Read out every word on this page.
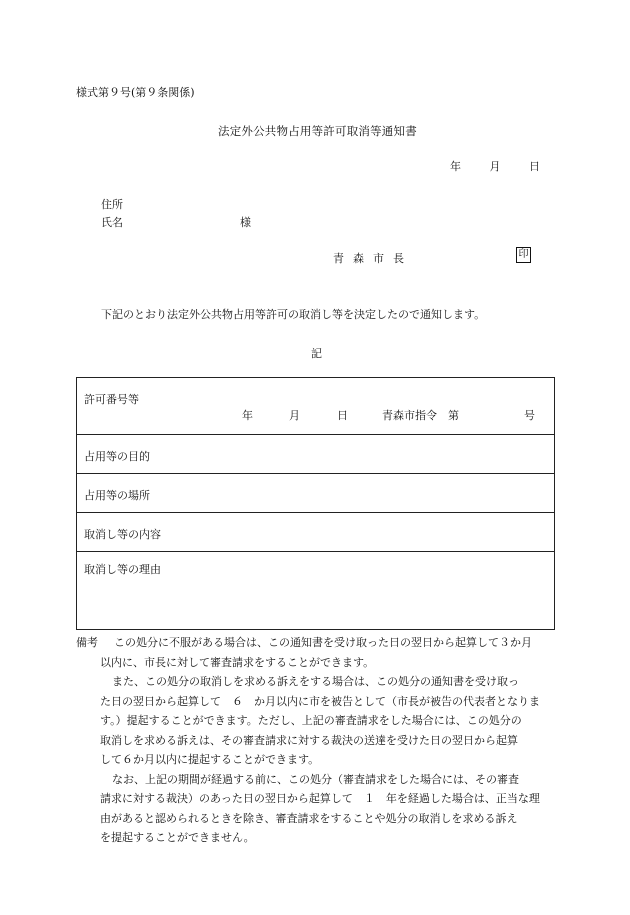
様式第９号(第９条関係)
法定外公共物占用等許可取消等通知書
年	月	日
住所
氏名	様
青森市長	印
下記のとおり法定外公共物占用等許可の取消し等を決定したので通知します。
記
許可番号等
年	月	日	青森市指令　第	号
占用等の目的
占用等の場所
取消し等の内容
取消し等の理由
備考 この処分に不服がある場合は、この通知書を受け取った日の翌日から起算して３か月
以内に、市長に対して審査請求をすることができます。
また、この処分の取消しを求める訴えをする場合は、この処分の通知書を受け取っ
た日の翌日から起算して　６　か月以内に市を被告として（市長が被告の代表者となりま
す。）提起することができます。ただし、上記の審査請求をした場合には、この処分の
取消しを求める訴えは、その審査請求に対する裁決の送達を受けた日の翌日から起算
して６か月以内に提起することができます。
なお、上記の期間が経過する前に、この処分（審査請求をした場合には、その審査
請求に対する裁決）のあった日の翌日から起算して　１　年を経過した場合は、正当な理
由があると認められるときを除き、審査請求をすることや処分の取消しを求める訴え
を提起することができません。
